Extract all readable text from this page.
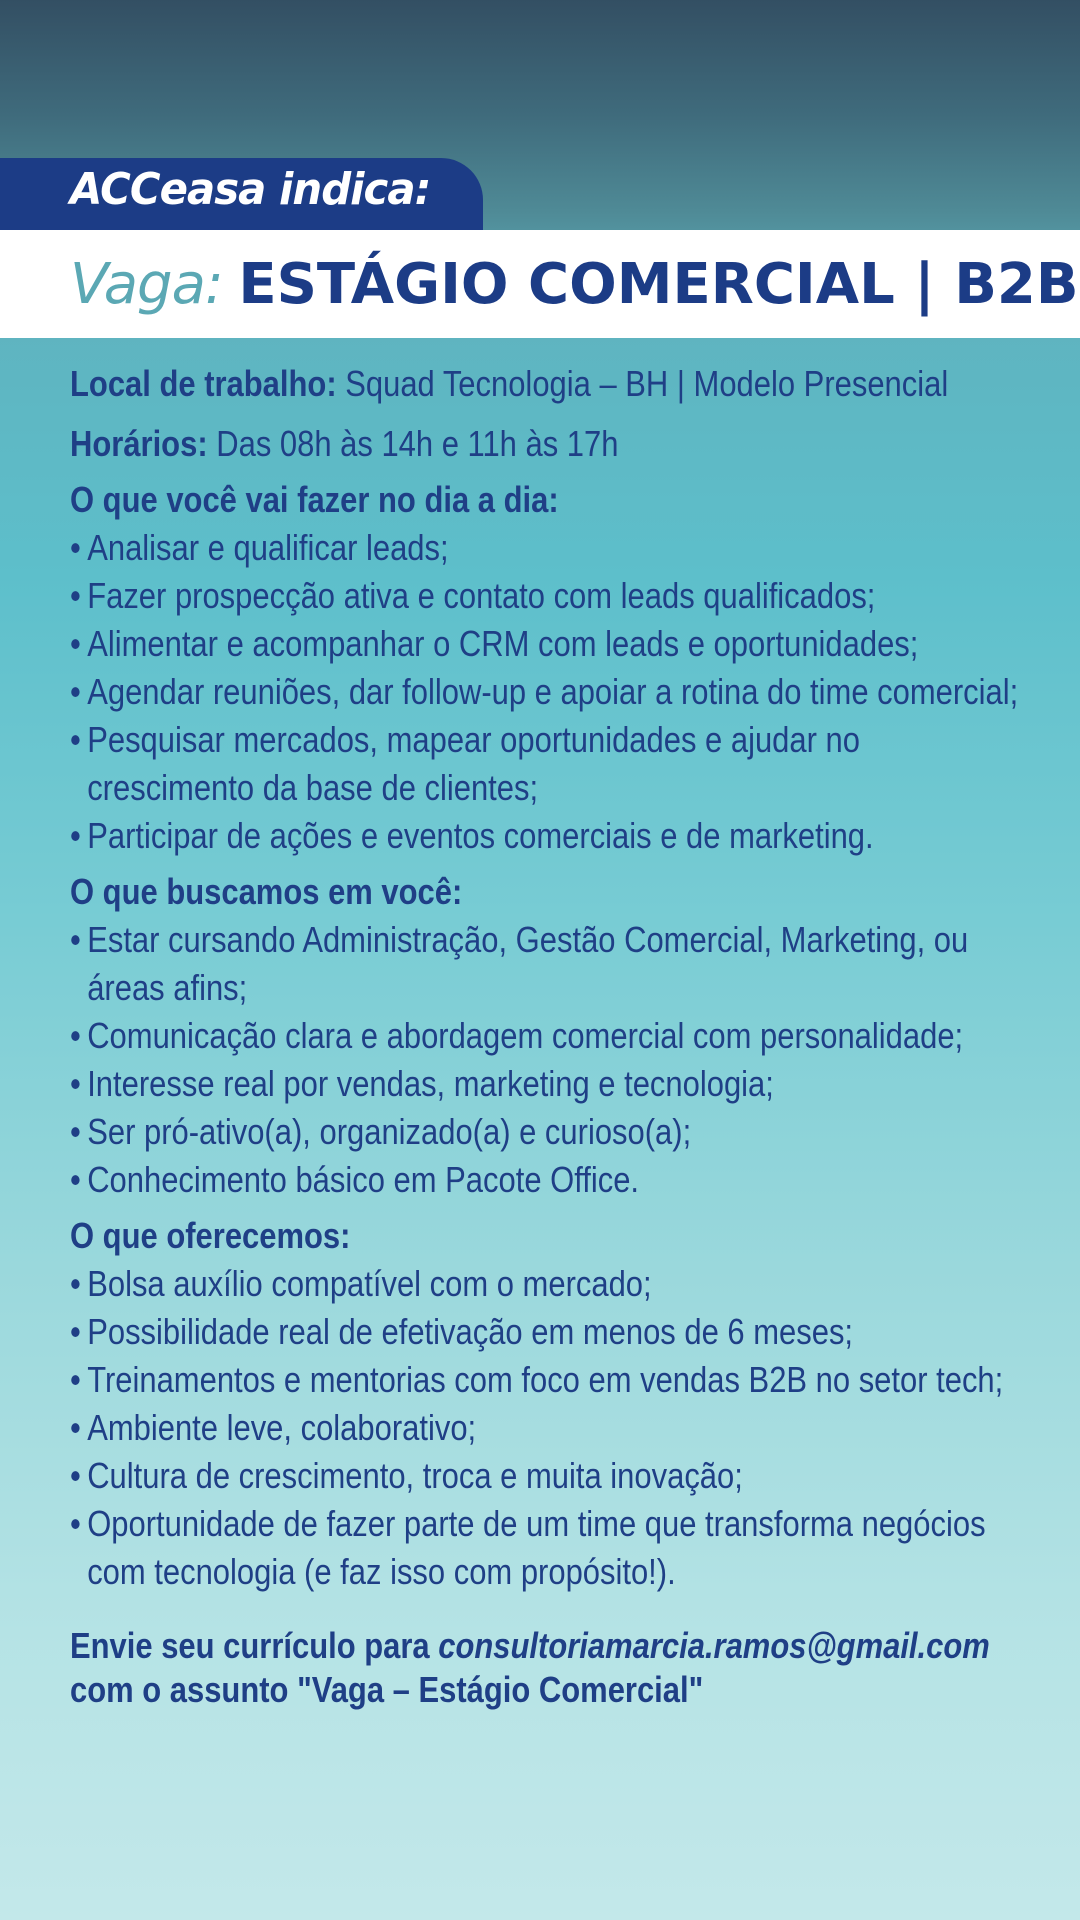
ACCeasa indica:
Vaga: ESTÁGIO COMERCIAL | B2B

Local de trabalho: Squad Tecnologia – BH | Modelo Presencial

Horários: Das 08h às 14h e 11h às 17h

O que você vai fazer no dia a dia:
• Analisar e qualificar leads;
• Fazer prospecção ativa e contato com leads qualificados;
• Alimentar e acompanhar o CRM com leads e oportunidades;
• Agendar reuniões, dar follow-up e apoiar a rotina do time comercial;
• Pesquisar mercados, mapear oportunidades e ajudar no crescimento da base de clientes;
• Participar de ações e eventos comerciais e de marketing.
O que buscamos em você:
• Estar cursando Administração, Gestão Comercial, Marketing, ou áreas afins;
• Comunicação clara e abordagem comercial com personalidade;
• Interesse real por vendas, marketing e tecnologia;
• Ser pró-ativo(a), organizado(a) e curioso(a);
• Conhecimento básico em Pacote Office.
O que oferecemos:
• Bolsa auxílio compatível com o mercado;
• Possibilidade real de efetivação em menos de 6 meses;
• Treinamentos e mentorias com foco em vendas B2B no setor tech;
• Ambiente leve, colaborativo;
• Cultura de crescimento, troca e muita inovação;
• Oportunidade de fazer parte de um time que transforma negócios com tecnologia (e faz isso com propósito!).
Envie seu currículo para consultoriamarcia.ramos@gmail.com
com o assunto "Vaga – Estágio Comercial"
